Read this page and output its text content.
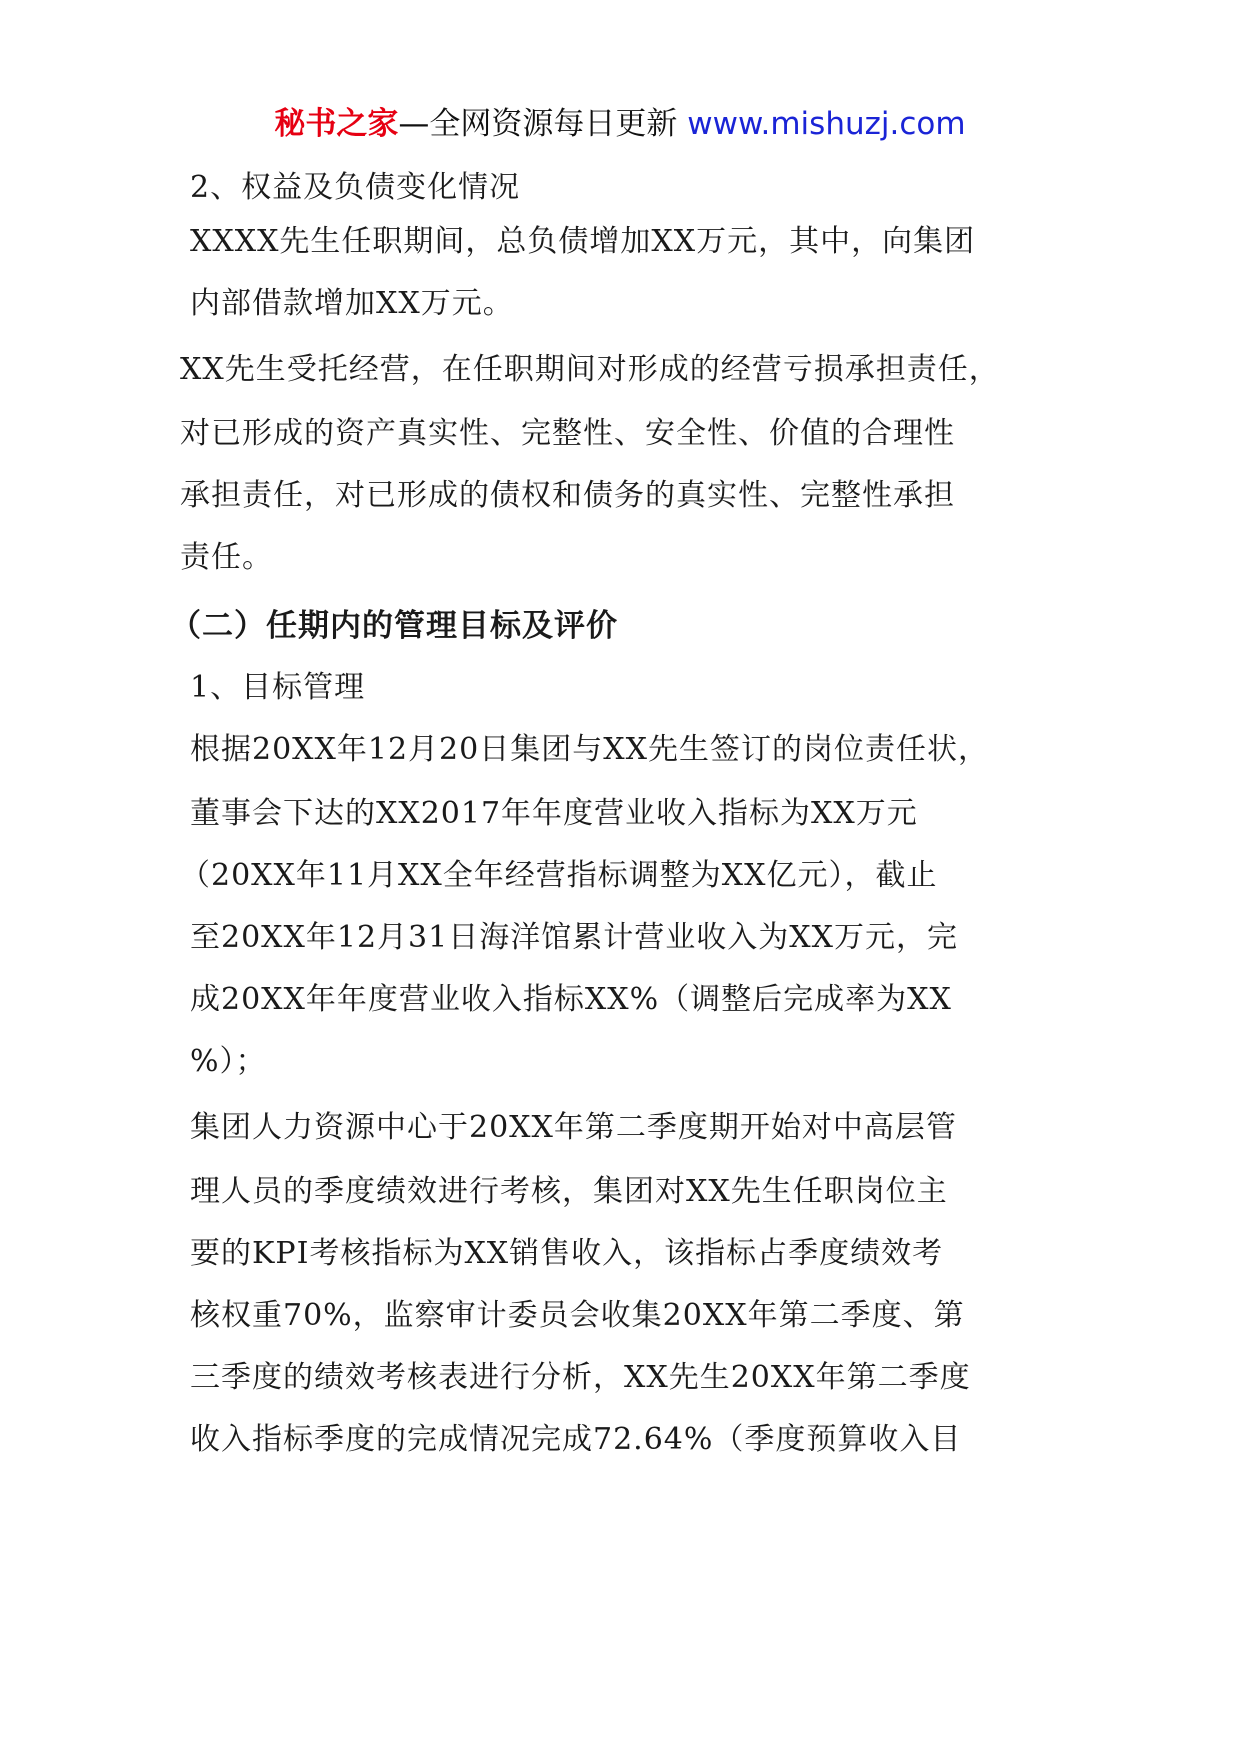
秘书之家—全网资源每日更新 www.mishuzj.com
2、权益及负债变化情况
XXXX先生任职期间，总负债增加XX万元，其中，向集团
内部借款增加XX万元。
XX先生受托经营，在任职期间对形成的经营亏损承担责任，
对已形成的资产真实性、完整性、安全性、价值的合理性
承担责任，对已形成的债权和债务的真实性、完整性承担
责任。
（二）任期内的管理目标及评价
1、目标管理
根据20XX年12月20日集团与XX先生签订的岗位责任状，
董事会下达的XX2017年年度营业收入指标为XX万元
（20XX年11月XX全年经营指标调整为XX亿元），截止
至20XX年12月31日海洋馆累计营业收入为XX万元，完
成20XX年年度营业收入指标XX%（调整后完成率为XX
%）；
集团人力资源中心于20XX年第二季度期开始对中高层管
理人员的季度绩效进行考核，集团对XX先生任职岗位主
要的KPI考核指标为XX销售收入，该指标占季度绩效考
核权重70%，监察审计委员会收集20XX年第二季度、第
三季度的绩效考核表进行分析，XX先生20XX年第二季度
收入指标季度的完成情况完成72.64%（季度预算收入目
